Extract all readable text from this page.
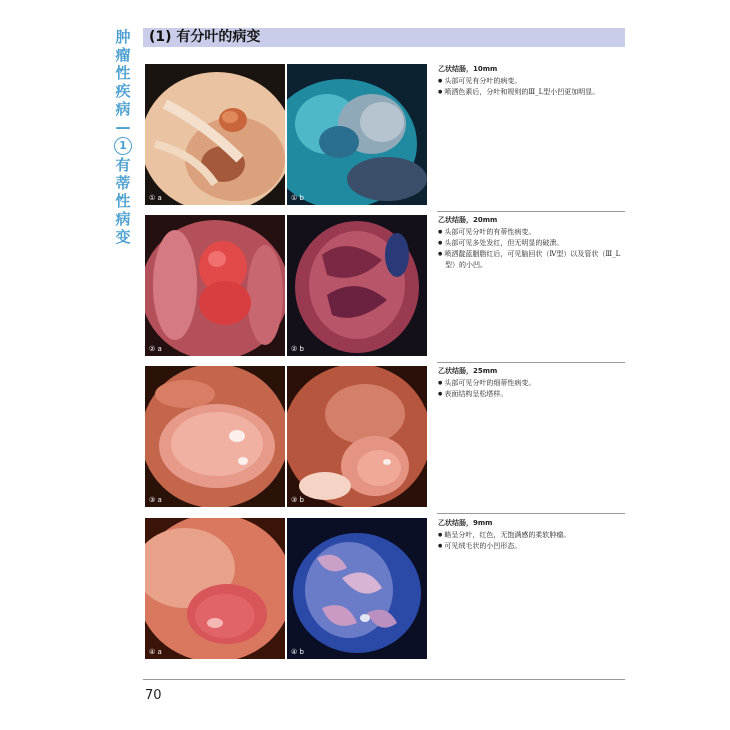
肿
瘤
性
疾
病
—
1
有
蒂
性
病
变
(1) 有分叶的病变
① a	① b
乙状结肠，10mm
● 头部可见有分叶的病变。
● 喷洒色素后，分叶和规则的Ⅲ_L型小凹更加明显。
② a	② b
乙状结肠，20mm
● 头部可见分叶的有蒂性病变。
● 头部可见多处发红，但无明显的破溃。
● 喷洒靛蓝胭脂红后，可见脑回状（Ⅳ型）以及管状（Ⅲ_L型）的小凹。
③ a	③ b
乙状结肠，25mm
● 头部可见分叶的细蒂性病变。
● 表面结构呈松塔样。
④ a	④ b
乙状结肠，9mm
● 略呈分叶，红色，无饱满感的柔软肿瘤。
● 可见绒毛状的小凹形态。
70
